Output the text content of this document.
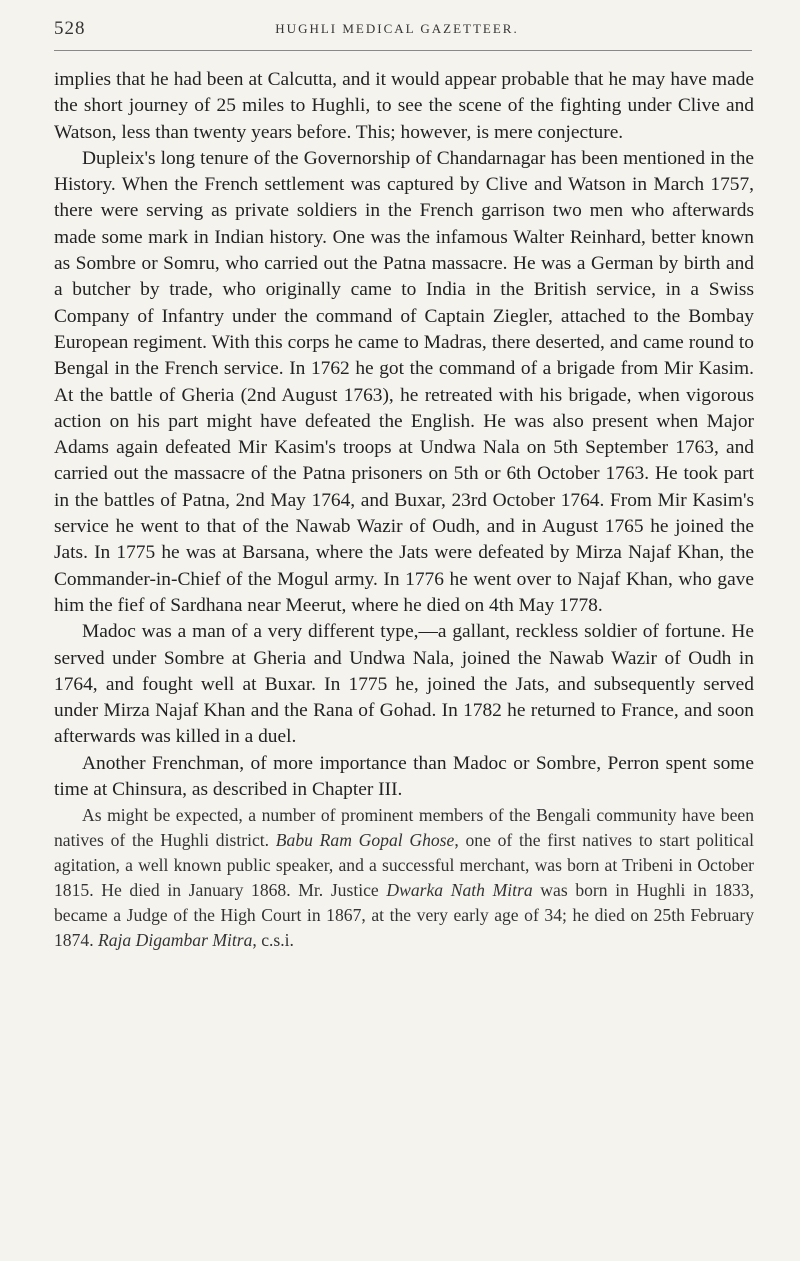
528	HUGHLI MEDICAL GAZETTEER.

implies that he had been at Calcutta, and it would appear probable that he may have made the short journey of 25 miles to Hughli, to see the scene of the fighting under Clive and Watson, less than twenty years before. This; however, is mere conjecture.

Dupleix's long tenure of the Governorship of Chandarnagar has been mentioned in the History. When the French settlement was captured by Clive and Watson in March 1757, there were serving as private soldiers in the French garrison two men who afterwards made some mark in Indian history. One was the infamous Walter Reinhard, better known as Sombre or Somru, who carried out the Patna massacre. He was a German by birth and a butcher by trade, who originally came to India in the British service, in a Swiss Company of Infantry under the command of Captain Ziegler, attached to the Bombay European regiment. With this corps he came to Madras, there deserted, and came round to Bengal in the French service. In 1762 he got the command of a brigade from Mir Kasim. At the battle of Gheria (2nd August 1763), he retreated with his brigade, when vigorous action on his part might have defeated the English. He was also present when Major Adams again defeated Mir Kasim's troops at Undwa Nala on 5th September 1763, and carried out the massacre of the Patna prisoners on 5th or 6th October 1763. He took part in the battles of Patna, 2nd May 1764, and Buxar, 23rd October 1764. From Mir Kasim's service he went to that of the Nawab Wazir of Oudh, and in August 1765 he joined the Jats. In 1775 he was at Barsana, where the Jats were defeated by Mirza Najaf Khan, the Commander-in-Chief of the Mogul army. In 1776 he went over to Najaf Khan, who gave him the fief of Sardhana near Meerut, where he died on 4th May 1778.

Madoc was a man of a very different type,—a gallant, reckless soldier of fortune. He served under Sombre at Gheria and Undwa Nala, joined the Nawab Wazir of Oudh in 1764, and fought well at Buxar. In 1775 he, joined the Jats, and subsequently served under Mirza Najaf Khan and the Rana of Gohad. In 1782 he returned to France, and soon afterwards was killed in a duel.

Another Frenchman, of more importance than Madoc or Sombre, Perron spent some time at Chinsura, as described in Chapter III.

As might be expected, a number of prominent members of the Bengali community have been natives of the Hughli district. Babu Ram Gopal Ghose, one of the first natives to start political agitation, a well known public speaker, and a successful merchant, was born at Tribeni in October 1815. He died in January 1868. Mr. Justice Dwarka Nath Mitra was born in Hughli in 1833, became a Judge of the High Court in 1867, at the very early age of 34; he died on 25th February 1874. Raja Digambar Mitra, c.s.i.
